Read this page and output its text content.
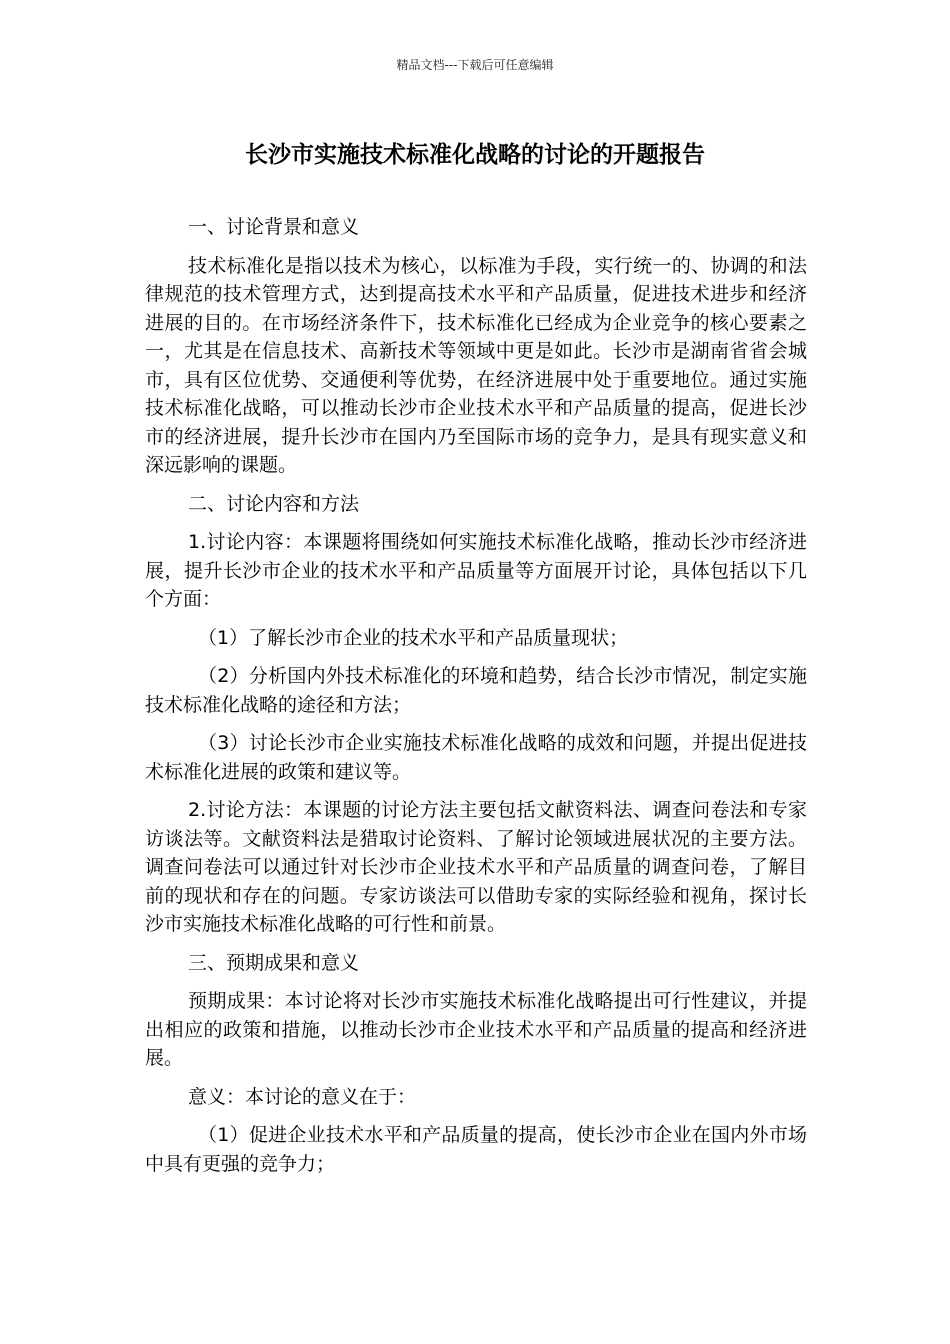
精品文档---下载后可任意编辑
长沙市实施技术标准化战略的讨论的开题报告

一、讨论背景和意义

技术标准化是指以技术为核心，以标准为手段，实行统一的、协调的和法律规范的技术管理方式，达到提高技术水平和产品质量，促进技术进步和经济进展的目的。在市场经济条件下，技术标准化已经成为企业竞争的核心要素之一，尤其是在信息技术、高新技术等领域中更是如此。长沙市是湖南省省会城市，具有区位优势、交通便利等优势，在经济进展中处于重要地位。通过实施技术标准化战略，可以推动长沙市企业技术水平和产品质量的提高，促进长沙市的经济进展，提升长沙市在国内乃至国际市场的竞争力，是具有现实意义和深远影响的课题。

二、讨论内容和方法

1.讨论内容：本课题将围绕如何实施技术标准化战略，推动长沙市经济进展，提升长沙市企业的技术水平和产品质量等方面展开讨论，具体包括以下几个方面：

（1）了解长沙市企业的技术水平和产品质量现状；

（2）分析国内外技术标准化的环境和趋势，结合长沙市情况，制定实施技术标准化战略的途径和方法；

（3）讨论长沙市企业实施技术标准化战略的成效和问题，并提出促进技术标准化进展的政策和建议等。

2.讨论方法：本课题的讨论方法主要包括文献资料法、调查问卷法和专家访谈法等。文献资料法是猎取讨论资料、了解讨论领域进展状况的主要方法。调查问卷法可以通过针对长沙市企业技术水平和产品质量的调查问卷，了解目前的现状和存在的问题。专家访谈法可以借助专家的实际经验和视角，探讨长沙市实施技术标准化战略的可行性和前景。

三、预期成果和意义

预期成果：本讨论将对长沙市实施技术标准化战略提出可行性建议，并提出相应的政策和措施，以推动长沙市企业技术水平和产品质量的提高和经济进展。

意义：本讨论的意义在于：

（1）促进企业技术水平和产品质量的提高，使长沙市企业在国内外市场中具有更强的竞争力；
